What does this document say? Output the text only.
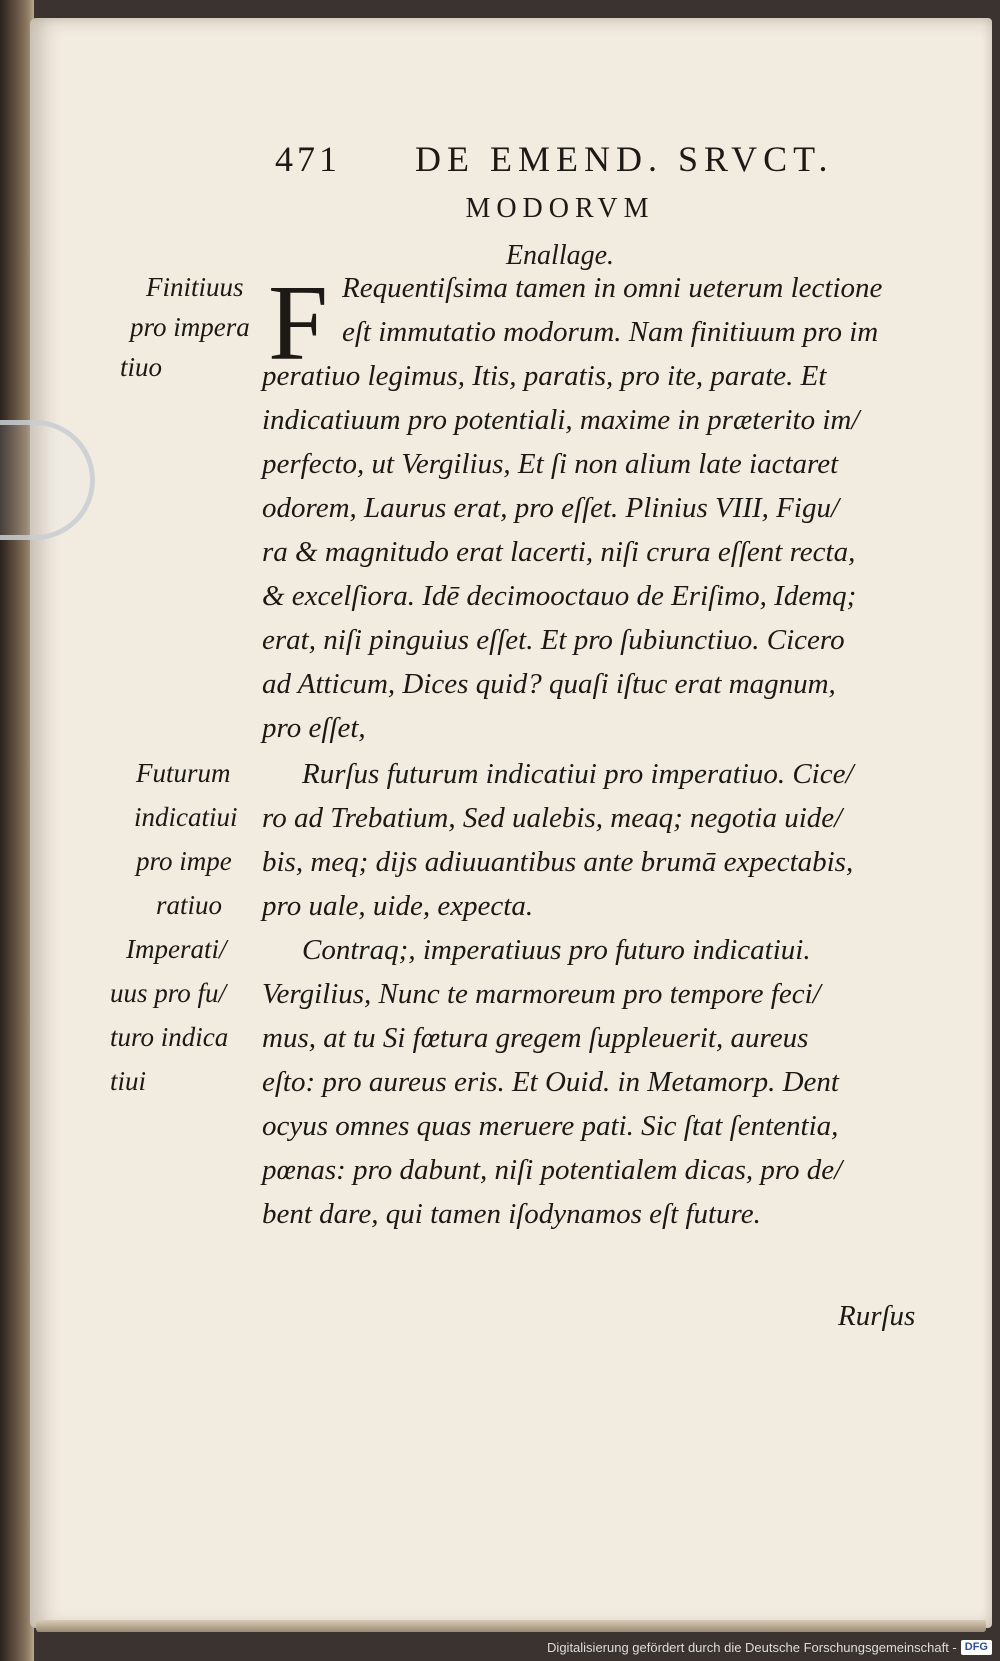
471 DE EMEND. SRVCT.
MODORVM
Enallage.
F Requentiſsima tamen in omni ueterum lectione
eſt immutatio modorum. Nam finitiuum pro im
peratiuo legimus, Itis, paratis, pro ite, parate. Et
indicatiuum pro potentiali, maxime in præterito im/
perfecto, ut Vergilius, Et ſi non alium late iactaret
odorem, Laurus erat, pro eſſet. Plinius VIII, Figu/
ra & magnitudo erat lacerti, niſi crura eſſent recta,
& excelſiora. Idē decimooctauo de Eriſimo, Idemq;
erat, niſi pinguius eſſet. Et pro ſubiunctiuo. Cicero
ad Atticum, Dices quid? quaſi iſtuc erat magnum,
pro eſſet,
Rurſus futurum indicatiui pro imperatiuo. Cice/
ro ad Trebatium, Sed ualebis, meaq; negotia uide/
bis, meq; dijs adiuuantibus ante brumā expectabis,
pro uale, uide, expecta.
Contraq;, imperatiuus pro futuro indicatiui.
Vergilius, Nunc te marmoreum pro tempore feci/
mus, at tu Si fœtura gregem ſuppleuerit, aureus
eſto: pro aureus eris. Et Ouid. in Metamorp. Dent
ocyus omnes quas meruere pati. Sic ſtat ſententia,
pœnas: pro dabunt, niſi potentialem dicas, pro de/
bent dare, qui tamen iſodynamos eſt future.
Finitiuus
pro impera
tiuo
Futurum
indicatiui
pro impe
ratiuo
Imperati/
uus pro fu/
turo indica
tiui
Rurſus
Digitalisierung gefördert durch die Deutsche Forschungsgemeinschaft - DFG
